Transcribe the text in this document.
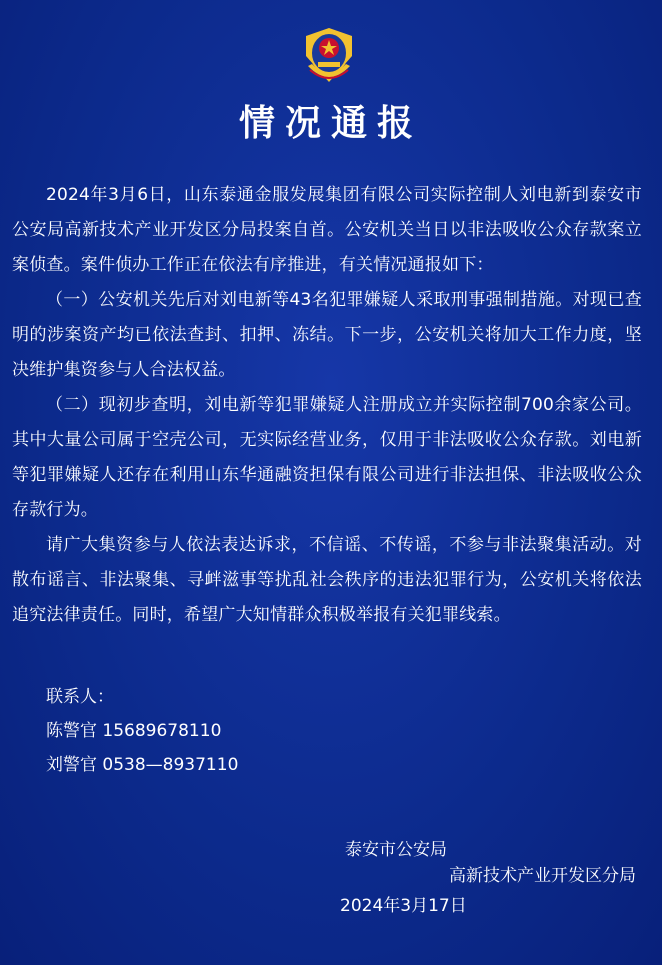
情况通报

2024年3月6日，山东泰通金服发展集团有限公司实际控制人刘电新到泰安市公安局高新技术产业开发区分局投案自首。公安机关当日以非法吸收公众存款案立案侦查。案件侦办工作正在依法有序推进，有关情况通报如下：

（一）公安机关先后对刘电新等43名犯罪嫌疑人采取刑事强制措施。对现已查明的涉案资产均已依法查封、扣押、冻结。下一步，公安机关将加大工作力度，坚决维护集资参与人合法权益。

（二）现初步查明，刘电新等犯罪嫌疑人注册成立并实际控制700余家公司。其中大量公司属于空壳公司，无实际经营业务，仅用于非法吸收公众存款。刘电新等犯罪嫌疑人还存在利用山东华通融资担保有限公司进行非法担保、非法吸收公众存款行为。

请广大集资参与人依法表达诉求，不信谣、不传谣，不参与非法聚集活动。对散布谣言、非法聚集、寻衅滋事等扰乱社会秩序的违法犯罪行为，公安机关将依法追究法律责任。同时，希望广大知情群众积极举报有关犯罪线索。

联系人：
陈警官 15689678110
刘警官 0538—8937110
泰安市公安局
高新技术产业开发区分局
2024年3月17日
